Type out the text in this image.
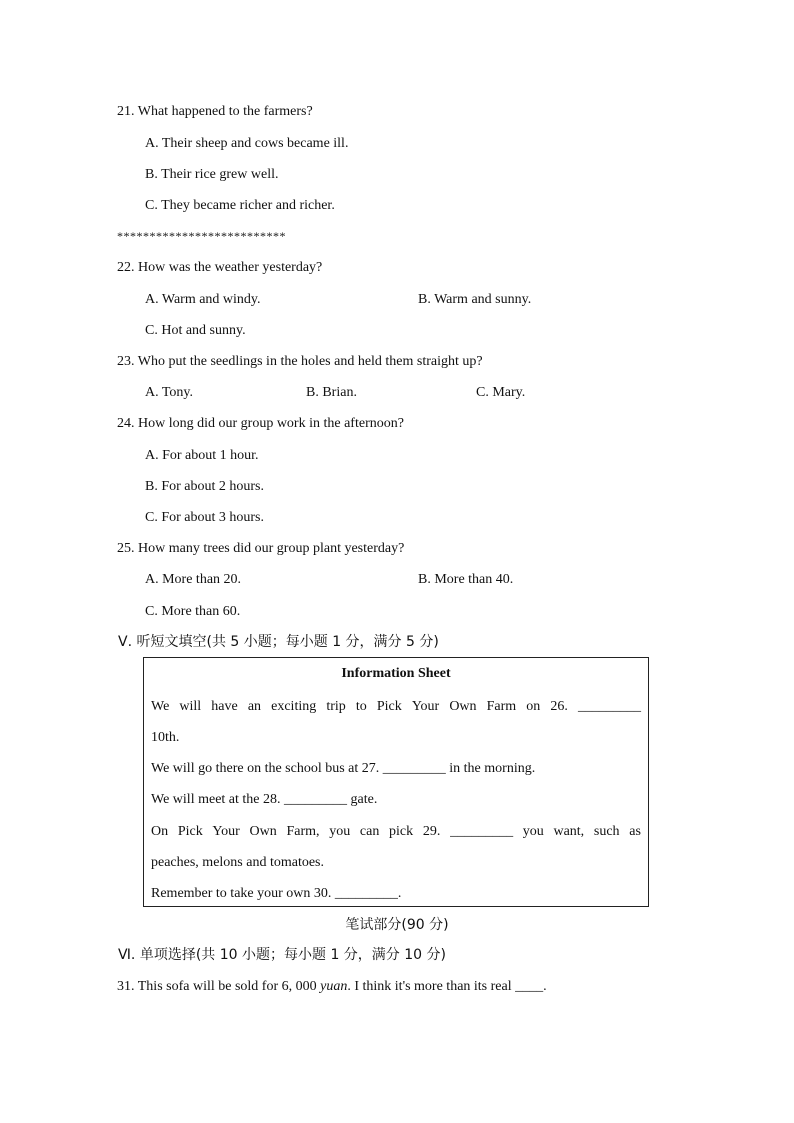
21. What happened to the farmers?
A. Their sheep and cows became ill.
B. Their rice grew well.
C. They became richer and richer.
**************************
22. How was the weather yesterday?
A. Warm and windy.	B. Warm and sunny.
C. Hot and sunny.
23. Who put the seedlings in the holes and held them straight up?
A. Tony.	B. Brian.	C. Mary.
24. How long did our group work in the afternoon?
A. For about 1 hour.
B. For about 2 hours.
C. For about 3 hours.
25. How many trees did our group plant yesterday?
A. More than 20.	B. More than 40.
C. More than 60.
Ⅴ. 听短文填空(共 5 小题；每小题 1 分，满分 5 分)
Information Sheet
We will have an exciting trip to Pick Your Own Farm on 26. _________
10th.
We will go there on the school bus at 27. _________ in the morning.
We will meet at the 28. _________ gate.
On Pick Your Own Farm, you can pick 29. _________ you want, such as
peaches, melons and tomatoes.
Remember to take your own 30. _________.
笔试部分(90 分)
Ⅵ. 单项选择(共 10 小题；每小题 1 分，满分 10 分)
31. This sofa will be sold for 6, 000 yuan. I think it's more than its real ____.
